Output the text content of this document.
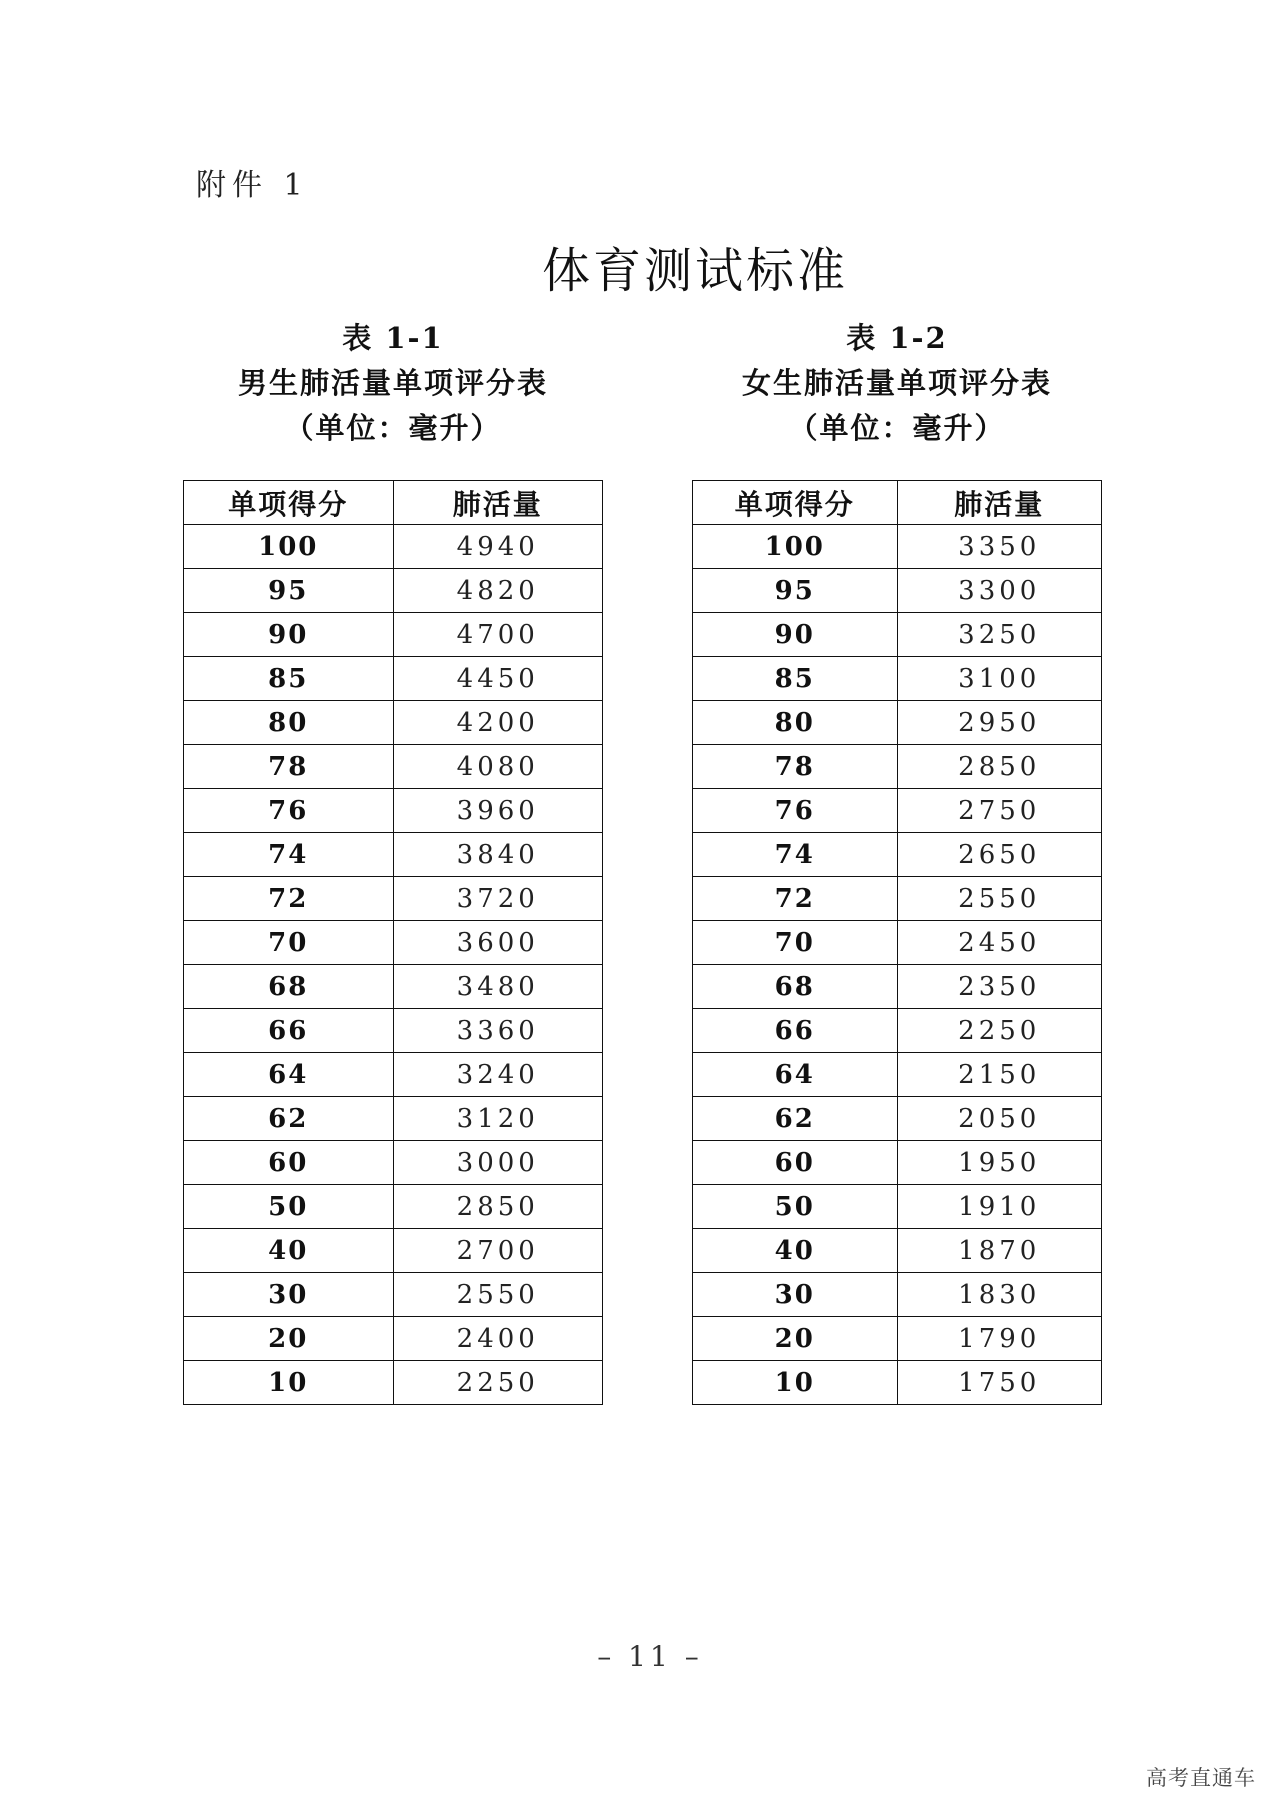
附件 1
体育测试标准
表 1-1
男生肺活量单项评分表
（单位：毫升）
表 1-2
女生肺活量单项评分表
（单位：毫升）
单项得分	肺活量
100	4940
95	4820
90	4700
85	4450
80	4200
78	4080
76	3960
74	3840
72	3720
70	3600
68	3480
66	3360
64	3240
62	3120
60	3000
50	2850
40	2700
30	2550
20	2400
10	2250
单项得分	肺活量
100	3350
95	3300
90	3250
85	3100
80	2950
78	2850
76	2750
74	2650
72	2550
70	2450
68	2350
66	2250
64	2150
62	2050
60	1950
50	1910
40	1870
30	1830
20	1790
10	1750
– 11 –
高考直通车
